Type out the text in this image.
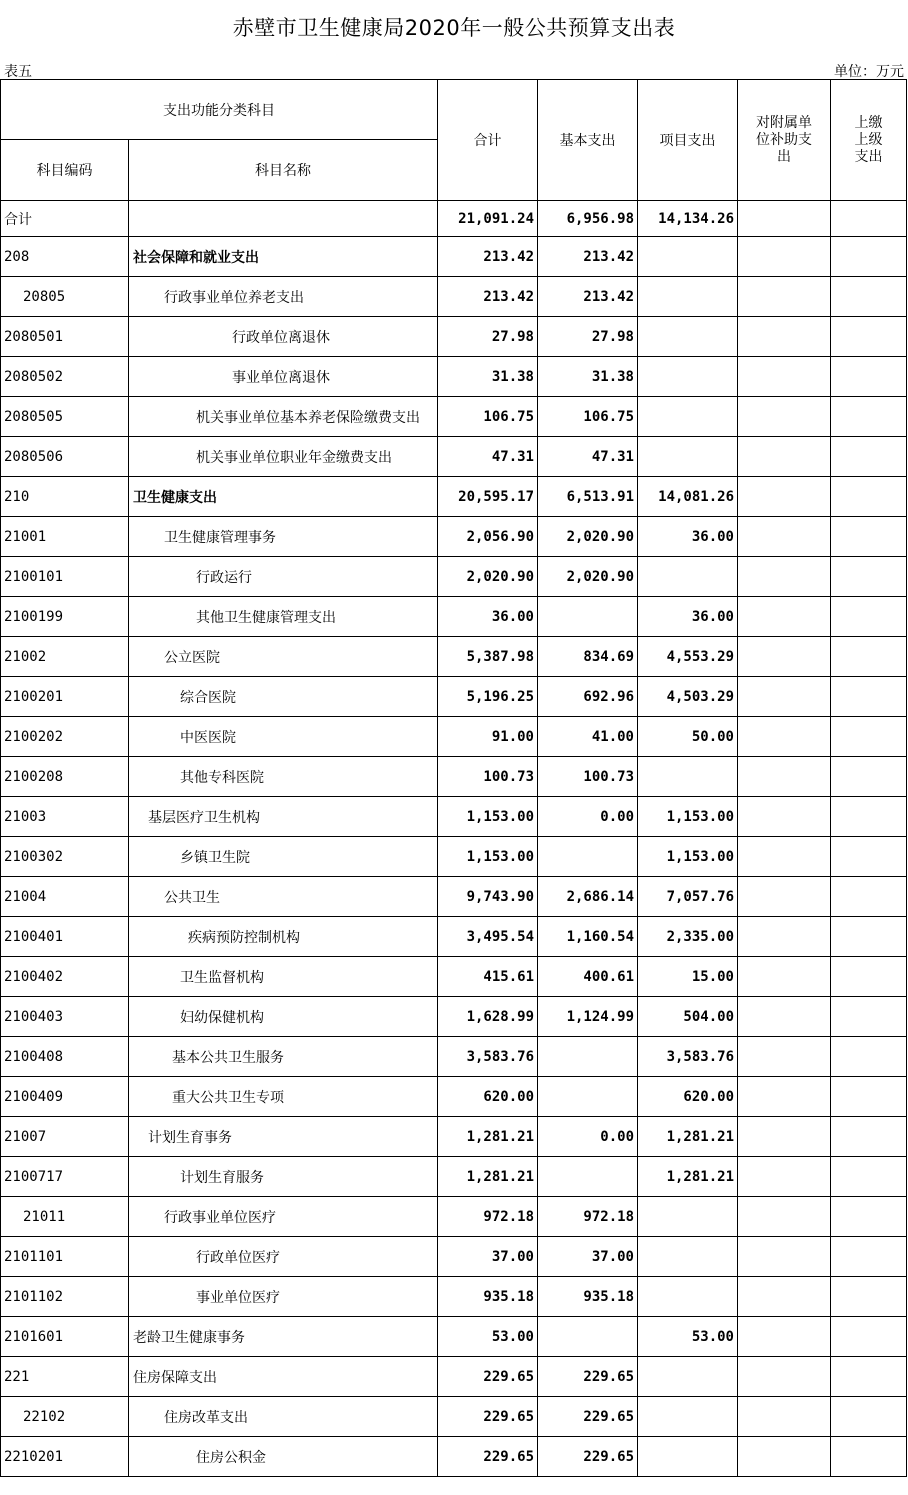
赤壁市卫生健康局2020年一般公共预算支出表
表五	单位：万元
支出功能分类科目		合计	基本支出	项目支出	对附属单位补助支出	上缴上级支出
科目编码	科目名称					
合计		21,091.24	6,956.98	14,134.26		
208	社会保障和就业支出	213.42	213.42			
20805	行政事业单位养老支出	213.42	213.42			
2080501	行政单位离退休	27.98	27.98			
2080502	事业单位离退休	31.38	31.38			
2080505	机关事业单位基本养老保险缴费支出	106.75	106.75			
2080506	机关事业单位职业年金缴费支出	47.31	47.31			
210	卫生健康支出	20,595.17	6,513.91	14,081.26		
21001	卫生健康管理事务	2,056.90	2,020.90	36.00		
2100101	行政运行	2,020.90	2,020.90			
2100199	其他卫生健康管理支出	36.00		36.00		
21002	公立医院	5,387.98	834.69	4,553.29		
2100201	综合医院	5,196.25	692.96	4,503.29		
2100202	中医医院	91.00	41.00	50.00		
2100208	其他专科医院	100.73	100.73			
21003	基层医疗卫生机构	1,153.00	0.00	1,153.00		
2100302	乡镇卫生院	1,153.00		1,153.00		
21004	公共卫生	9,743.90	2,686.14	7,057.76		
2100401	疾病预防控制机构	3,495.54	1,160.54	2,335.00		
2100402	卫生监督机构	415.61	400.61	15.00		
2100403	妇幼保健机构	1,628.99	1,124.99	504.00		
2100408	基本公共卫生服务	3,583.76		3,583.76		
2100409	重大公共卫生专项	620.00		620.00		
21007	计划生育事务	1,281.21	0.00	1,281.21		
2100717	计划生育服务	1,281.21		1,281.21		
21011	行政事业单位医疗	972.18	972.18			
2101101	行政单位医疗	37.00	37.00			
2101102	事业单位医疗	935.18	935.18			
2101601	老龄卫生健康事务	53.00		53.00		
221	住房保障支出	229.65	229.65			
22102	住房改革支出	229.65	229.65			
2210201	住房公积金	229.65	229.65			
